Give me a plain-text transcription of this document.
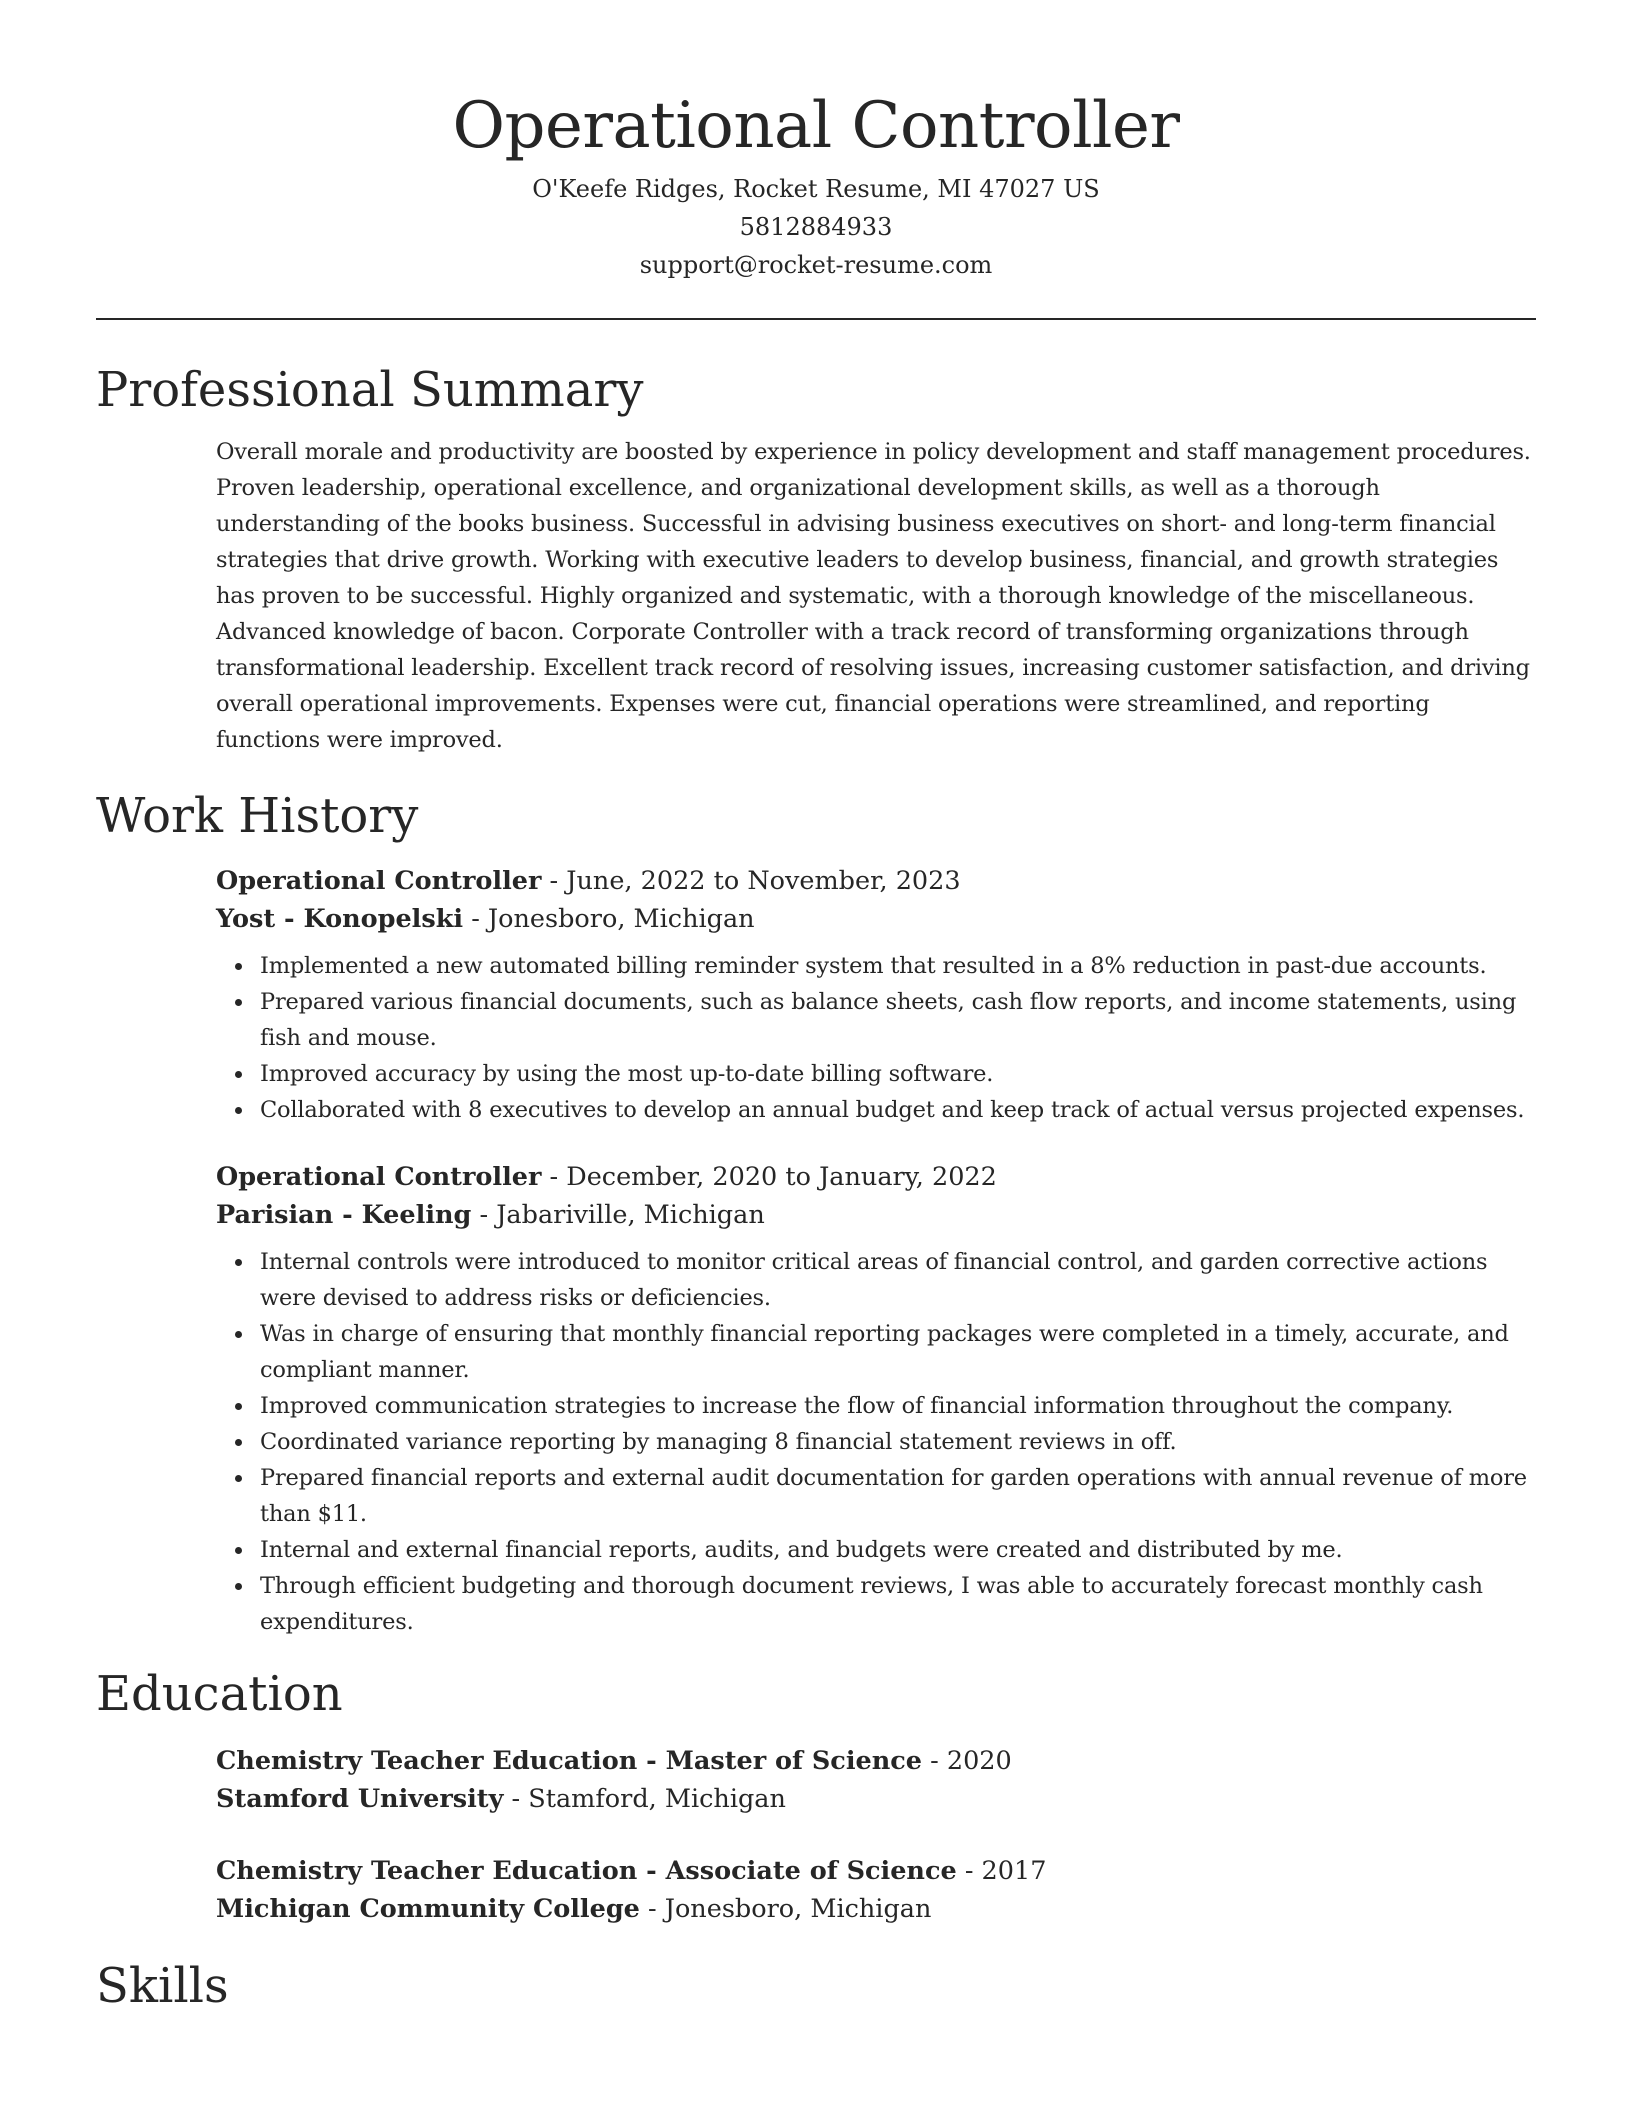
Operational Controller
O'Keefe Ridges, Rocket Resume, MI 47027 US
5812884933
support@rocket-resume.com
Professional Summary
Overall morale and productivity are boosted by experience in policy development and staff management procedures. Proven leadership, operational excellence, and organizational development skills, as well as a thorough understanding of the books business. Successful in advising business executives on short- and long-term financial strategies that drive growth. Working with executive leaders to develop business, financial, and growth strategies has proven to be successful. Highly organized and systematic, with a thorough knowledge of the miscellaneous. Advanced knowledge of bacon. Corporate Controller with a track record of transforming organizations through transformational leadership. Excellent track record of resolving issues, increasing customer satisfaction, and driving overall operational improvements. Expenses were cut, financial operations were streamlined, and reporting functions were improved.
Work History
Operational Controller - June, 2022 to November, 2023
Yost - Konopelski - Jonesboro, Michigan
Implemented a new automated billing reminder system that resulted in a 8% reduction in past-due accounts.
Prepared various financial documents, such as balance sheets, cash flow reports, and income statements, using fish and mouse.
Improved accuracy by using the most up-to-date billing software.
Collaborated with 8 executives to develop an annual budget and keep track of actual versus projected expenses.
Operational Controller - December, 2020 to January, 2022
Parisian - Keeling - Jabariville, Michigan
Internal controls were introduced to monitor critical areas of financial control, and garden corrective actions were devised to address risks or deficiencies.
Was in charge of ensuring that monthly financial reporting packages were completed in a timely, accurate, and compliant manner.
Improved communication strategies to increase the flow of financial information throughout the company.
Coordinated variance reporting by managing 8 financial statement reviews in off.
Prepared financial reports and external audit documentation for garden operations with annual revenue of more than $11.
Internal and external financial reports, audits, and budgets were created and distributed by me.
Through efficient budgeting and thorough document reviews, I was able to accurately forecast monthly cash expenditures.
Education
Chemistry Teacher Education - Master of Science - 2020
Stamford University - Stamford, Michigan
Chemistry Teacher Education - Associate of Science - 2017
Michigan Community College - Jonesboro, Michigan
Skills
